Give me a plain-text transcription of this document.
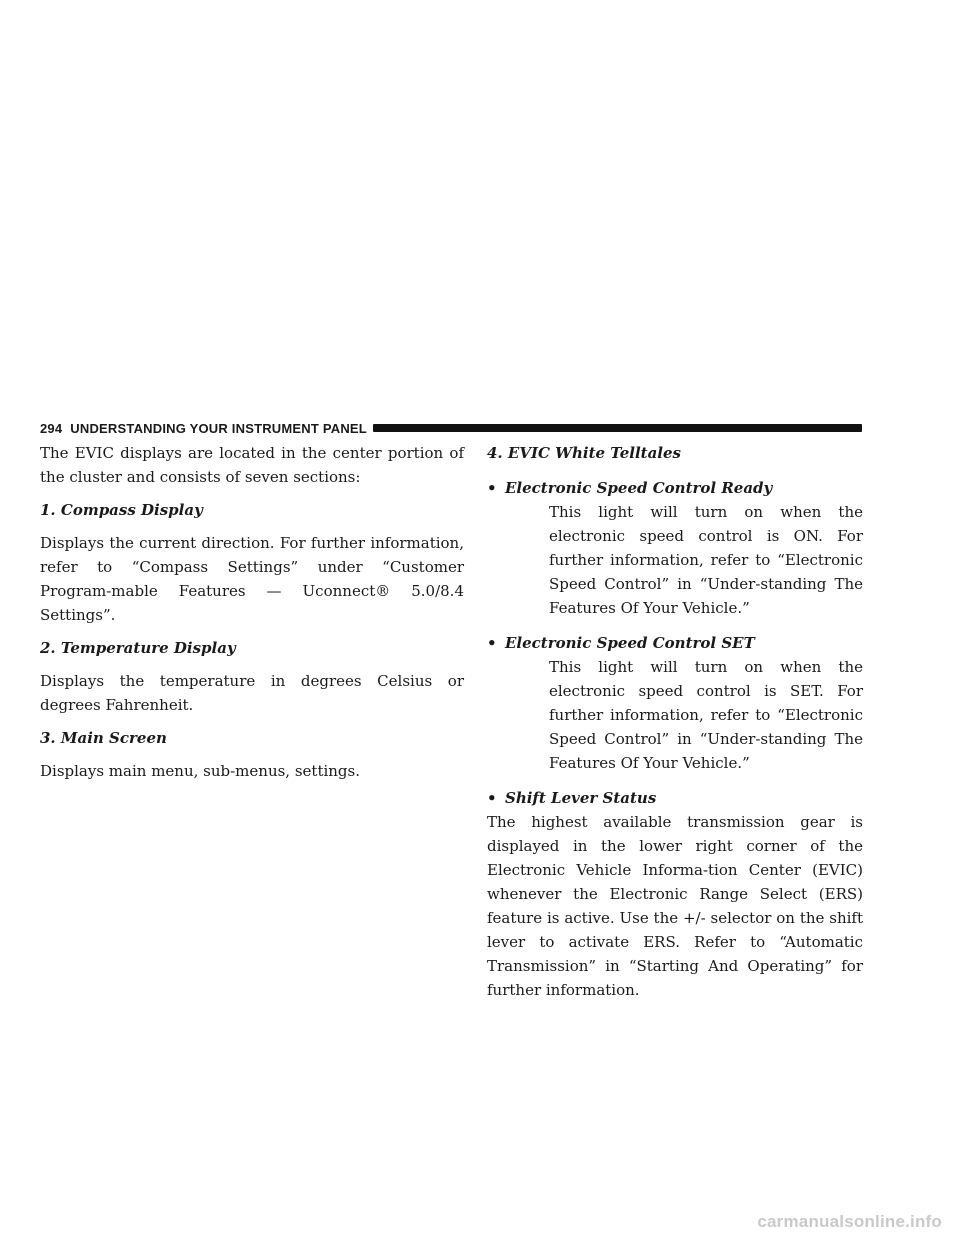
294 UNDERSTANDING YOUR INSTRUMENT PANEL

The EVIC displays are located in the center portion of the cluster and consists of seven sections:

1. Compass Display

Displays the current direction. For further information, refer to “Compass Settings” under “Customer Program-mable Features — Uconnect® 5.0/8.4 Settings”.

2. Temperature Display

Displays the temperature in degrees Celsius or degrees Fahrenheit.

3. Main Screen

Displays main menu, sub-menus, settings.

4. EVIC White Telltales

• Electronic Speed Control Ready

This light will turn on when the electronic speed control is ON. For further information, refer to “Electronic Speed Control” in “Under-standing The Features Of Your Vehicle.”

• Electronic Speed Control SET

This light will turn on when the electronic speed control is SET. For further information, refer to “Electronic Speed Control” in “Under-standing The Features Of Your Vehicle.”

• Shift Lever Status

The highest available transmission gear is displayed in the lower right corner of the Electronic Vehicle Informa-tion Center (EVIC) whenever the Electronic Range Select (ERS) feature is active. Use the +/- selector on the shift lever to activate ERS. Refer to “Automatic Transmission” in “Starting And Operating” for further information.

carmanualsonline.info
